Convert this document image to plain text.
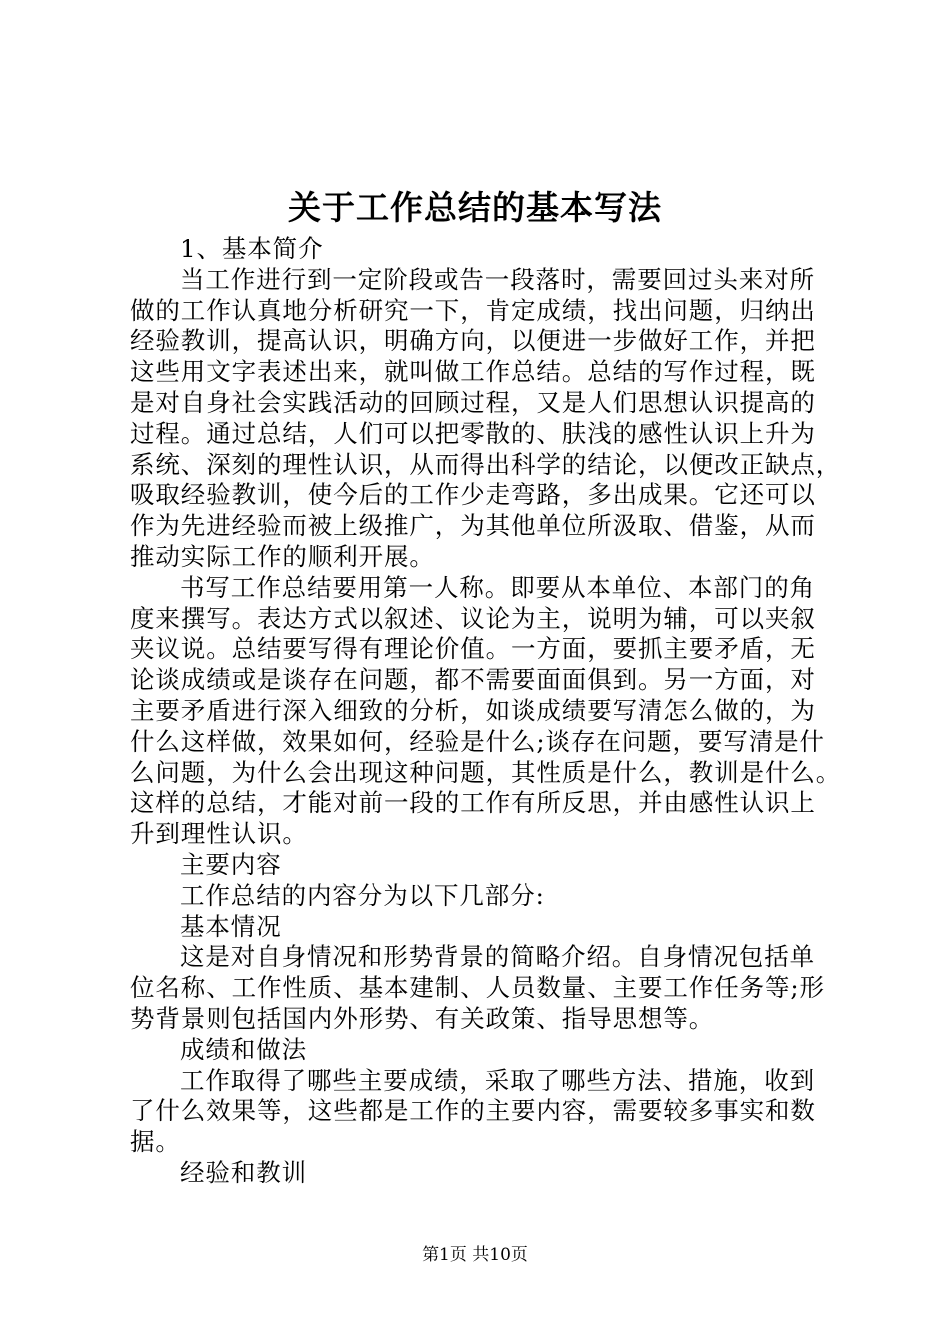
关于工作总结的基本写法
1、基本简介
当工作进行到一定阶段或告一段落时，需要回过头来对所
做的工作认真地分析研究一下，肯定成绩，找出问题，归纳出
经验教训，提高认识，明确方向，以便进一步做好工作，并把
这些用文字表述出来，就叫做工作总结。总结的写作过程，既
是对自身社会实践活动的回顾过程，又是人们思想认识提高的
过程。通过总结，人们可以把零散的、肤浅的感性认识上升为
系统、深刻的理性认识，从而得出科学的结论，以便改正缺点，
吸取经验教训，使今后的工作少走弯路，多出成果。它还可以
作为先进经验而被上级推广，为其他单位所汲取、借鉴，从而
推动实际工作的顺利开展。
书写工作总结要用第一人称。即要从本单位、本部门的角
度来撰写。表达方式以叙述、议论为主，说明为辅，可以夹叙
夹议说。总结要写得有理论价值。一方面，要抓主要矛盾，无
论谈成绩或是谈存在问题，都不需要面面俱到。另一方面，对
主要矛盾进行深入细致的分析，如谈成绩要写清怎么做的，为
什么这样做，效果如何，经验是什么;谈存在问题，要写清是什
么问题，为什么会出现这种问题，其性质是什么，教训是什么。
这样的总结，才能对前一段的工作有所反思，并由感性认识上
升到理性认识。
主要内容
工作总结的内容分为以下几部分:
基本情况
这是对自身情况和形势背景的简略介绍。自身情况包括单
位名称、工作性质、基本建制、人员数量、主要工作任务等;形
势背景则包括国内外形势、有关政策、指导思想等。
成绩和做法
工作取得了哪些主要成绩，采取了哪些方法、措施，收到
了什么效果等，这些都是工作的主要内容，需要较多事实和数
据。
经验和教训
第1页 共10页
